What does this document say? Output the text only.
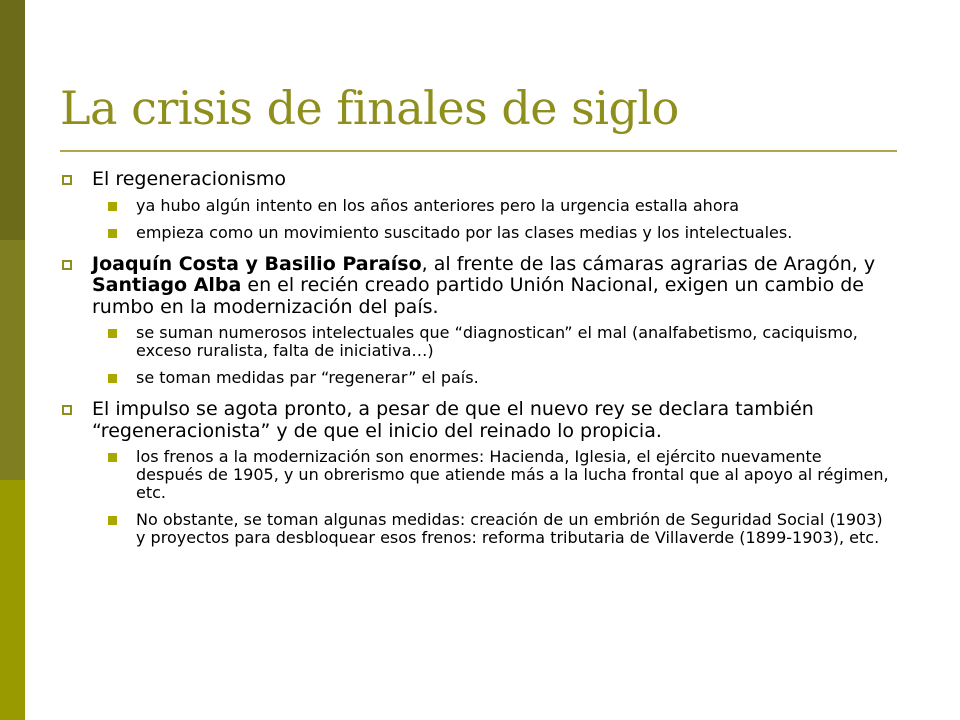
La crisis de finales de siglo
El regeneracionismo
ya hubo algún intento en los años anteriores pero la urgencia estalla ahora
empieza como un movimiento suscitado por las clases medias y los intelectuales.
Joaquín Costa y Basilio Paraíso, al frente de las cámaras agrarias de Aragón, y Santiago Alba en el recién creado partido Unión Nacional, exigen un cambio de rumbo en la modernización del país.
se suman numerosos intelectuales que “diagnostican” el mal (analfabetismo, caciquismo, exceso ruralista, falta de iniciativa…)
se toman medidas par “regenerar” el país.
El impulso se agota pronto, a pesar de que el nuevo rey se declara también “regeneracionista” y de que el inicio del reinado lo propicia.
los frenos a la modernización son enormes: Hacienda, Iglesia, el ejército nuevamente después de 1905, y un obrerismo que atiende más a la lucha frontal que al apoyo al régimen, etc.
No obstante, se toman algunas medidas: creación de un embrión de Seguridad Social (1903) y proyectos para desbloquear esos frenos: reforma tributaria de Villaverde (1899-1903), etc.
